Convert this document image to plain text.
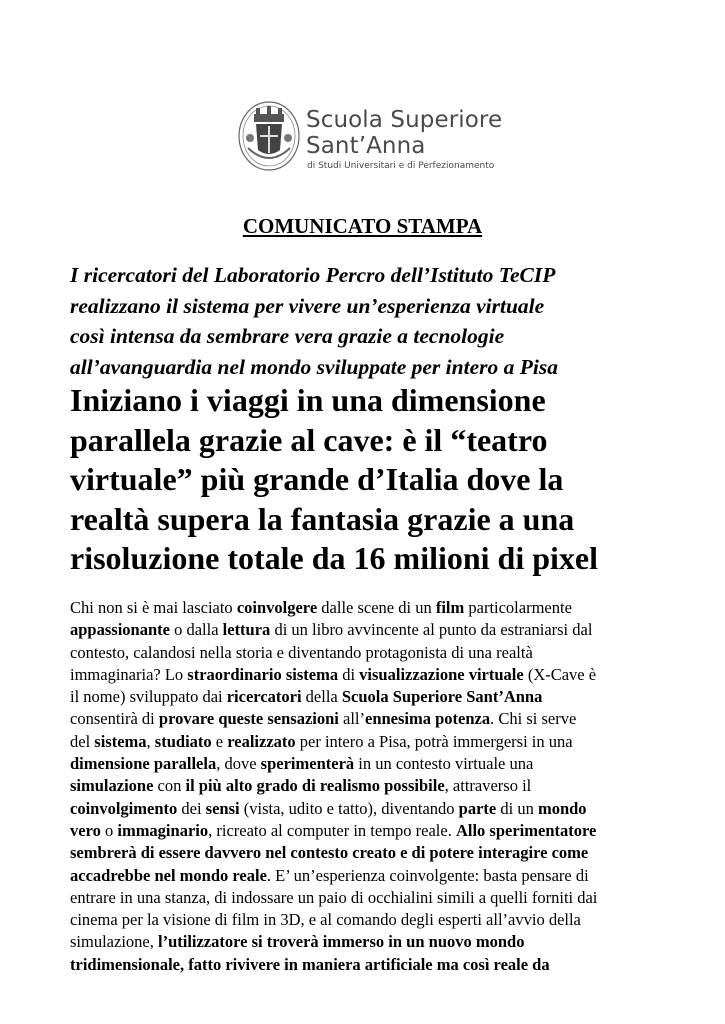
Scuola Superiore
Sant’Anna
di Studi Universitari e di Perfezionamento
COMUNICATO STAMPA
I ricercatori del Laboratorio Percro dell’Istituto TeCIP
realizzano il sistema per vivere un’esperienza virtuale
così intensa da sembrare vera grazie a tecnologie
all’avanguardia nel mondo sviluppate per intero a Pisa
Iniziano i viaggi in una dimensione
parallela grazie al cave: è il “teatro
virtuale” più grande d’Italia dove la
realtà supera la fantasia grazie a una
risoluzione totale da 16 milioni di pixel
Chi non si è mai lasciato coinvolgere dalle scene di un film particolarmente
appassionante o dalla lettura di un libro avvincente al punto da estraniarsi dal
contesto, calandosi nella storia e diventando protagonista di una realtà
immaginaria? Lo straordinario sistema di visualizzazione virtuale (X-Cave è
il nome) sviluppato dai ricercatori della Scuola Superiore Sant’Anna
consentirà di provare queste sensazioni all’ennesima potenza. Chi si serve
del sistema, studiato e realizzato per intero a Pisa, potrà immergersi in una
dimensione parallela, dove sperimenterà in un contesto virtuale una
simulazione con il più alto grado di realismo possibile, attraverso il
coinvolgimento dei sensi (vista, udito e tatto), diventando parte di un mondo
vero o immaginario, ricreato al computer in tempo reale. Allo sperimentatore
sembrerà di essere davvero nel contesto creato e di potere interagire come
accadrebbe nel mondo reale. E’ un’esperienza coinvolgente: basta pensare di
entrare in una stanza, di indossare un paio di occhialini simili a quelli forniti dai
cinema per la visione di film in 3D, e al comando degli esperti all’avvio della
simulazione, l’utilizzatore si troverà immerso in un nuovo mondo
tridimensionale, fatto rivivere in maniera artificiale ma così reale da
